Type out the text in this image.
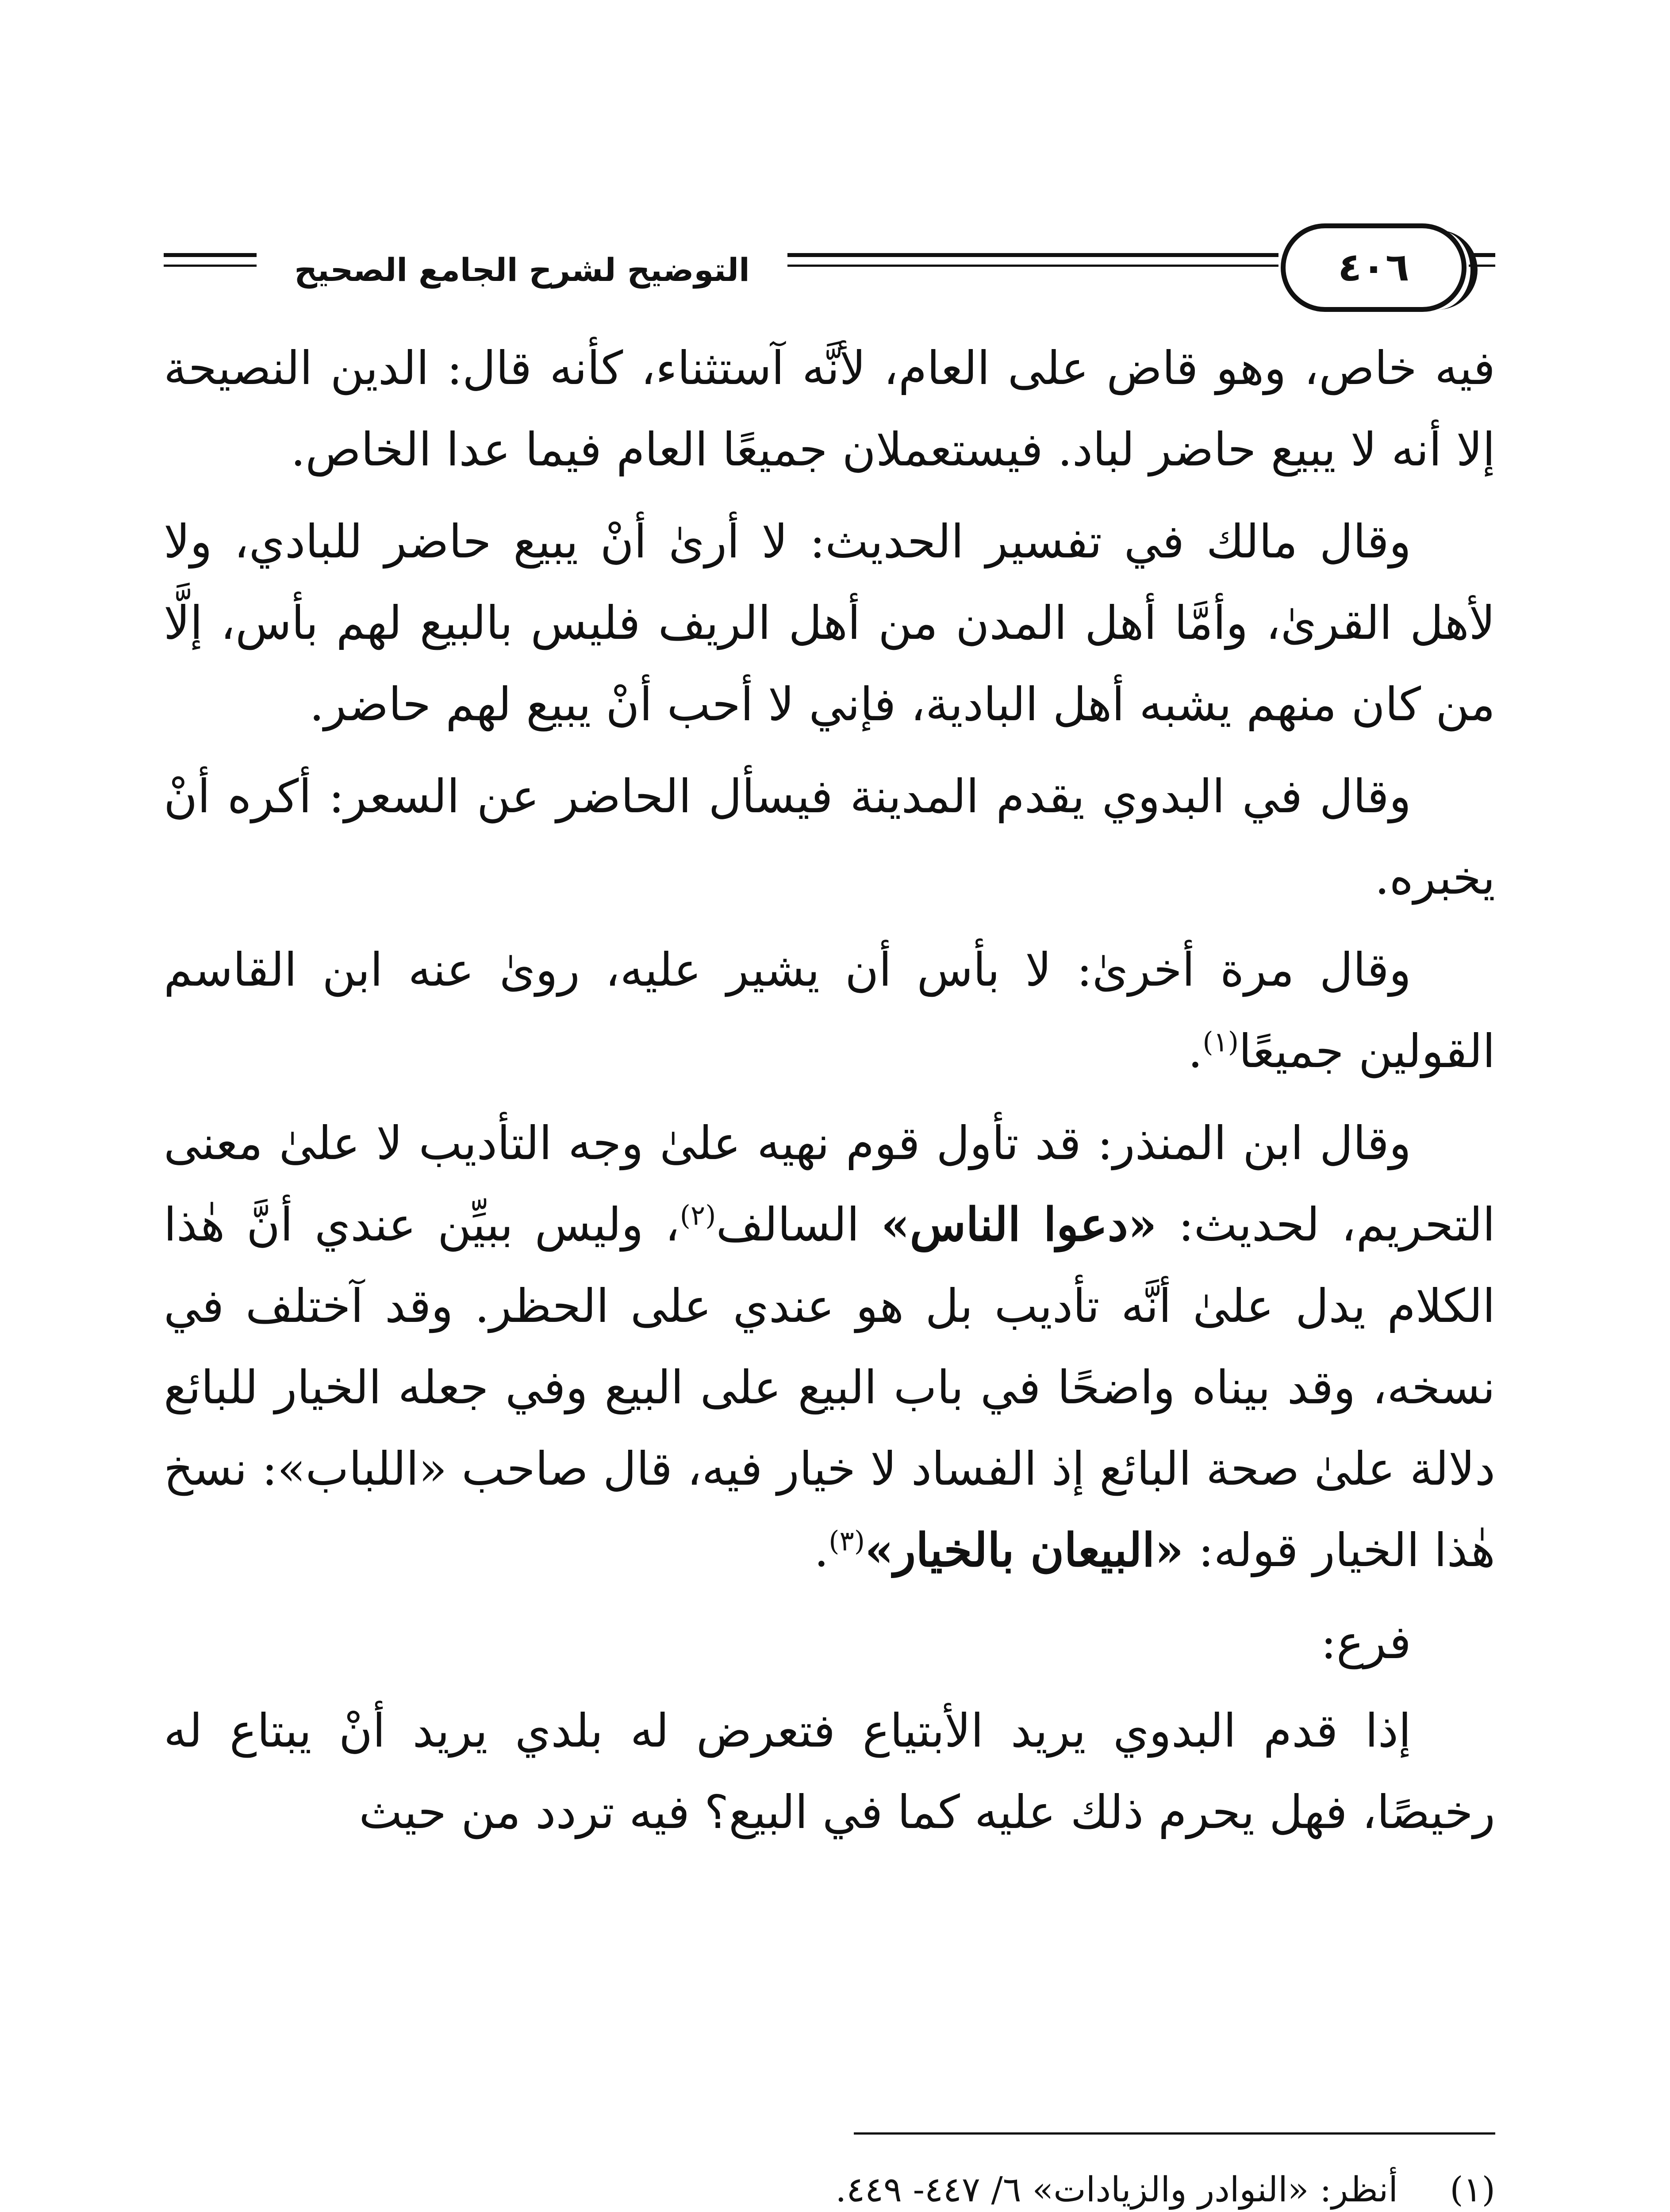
التوضيح لشرح الجامع الصحيح	٤٠٦

فيه خاص، وهو قاض على العام، لأنَّه آستثناء، كأنه قال: الدين النصيحة إلا أنه لا يبيع حاضر لباد. فيستعملان جميعًا العام فيما عدا الخاص.

وقال مالك في تفسير الحديث: لا أرىٰ أنْ يبيع حاضر للبادي، ولا لأهل القرىٰ، وأمَّا أهل المدن من أهل الريف فليس بالبيع لهم بأس، إلَّا من كان منهم يشبه أهل البادية، فإني لا أحب أنْ يبيع لهم حاضر.

وقال في البدوي يقدم المدينة فيسأل الحاضر عن السعر: أكره أنْ يخبره.

وقال مرة أخرىٰ: لا بأس أن يشير عليه، روىٰ عنه ابن القاسم القولين جميعًا$^{(١)}$.

وقال ابن المنذر: قد تأول قوم نهيه علىٰ وجه التأديب لا علىٰ معنى التحريم، لحديث: «دعوا الناس» السالف$^{(٢)}$، وليس ببيِّن عندي أنَّ هٰذا الكلام يدل علىٰ أنَّه تأديب بل هو عندي على الحظر. وقد آختلف في نسخه، وقد بيناه واضحًا في باب البيع على البيع وفي جعله الخيار للبائع دلالة علىٰ صحة البائع إذ الفساد لا خيار فيه، قال صاحب «اللباب»: نسخ هٰذا الخيار قوله: «البيعان بالخيار»$^{(٣)}$.

فرع:

إذا قدم البدوي يريد الأبتياع فتعرض له بلدي يريد أنْ يبتاع له رخيصًا، فهل يحرم ذلك عليه كما في البيع؟ فيه تردد من حيث

(١)
أنظر: «النوادر والزيادات» ٦/ ٤٤٧- ٤٤٩.
